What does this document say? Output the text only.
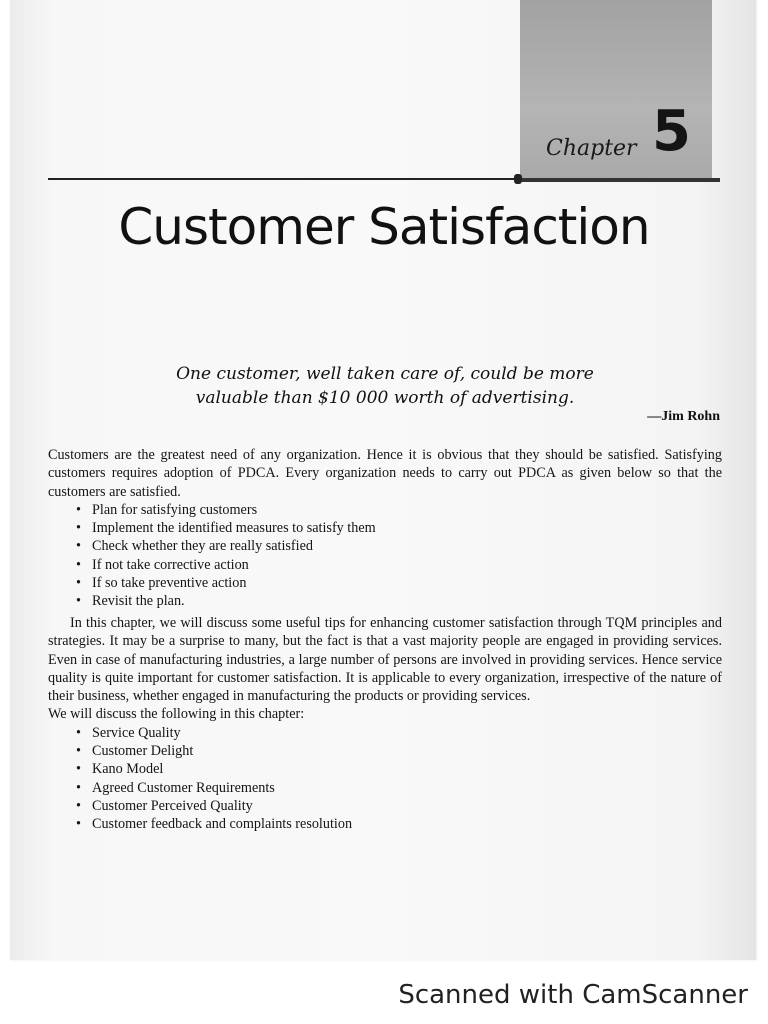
Chapter 5
Customer Satisfaction
One customer, well taken care of, could be more valuable than $10 000 worth of advertising.
—Jim Rohn

Customers are the greatest need of any organization. Hence it is obvious that they should be satisfied. Satisfying customers requires adoption of PDCA. Every organization needs to carry out PDCA as given below so that the customers are satisfied.

• Plan for satisfying customers
• Implement the identified measures to satisfy them
• Check whether they are really satisfied
• If not take corrective action
• If so take preventive action
• Revisit the plan.

In this chapter, we will discuss some useful tips for enhancing customer satisfaction through TQM principles and strategies. It may be a surprise to many, but the fact is that a vast majority people are engaged in providing services. Even in case of manufacturing industries, a large number of persons are involved in providing services. Hence service quality is quite important for customer satisfaction. It is applicable to every organization, irrespective of the nature of their business, whether engaged in manufacturing the products or providing services.

We will discuss the following in this chapter:

• Service Quality
• Customer Delight
• Kano Model
• Agreed Customer Requirements
• Customer Perceived Quality
• Customer feedback and complaints resolution
Scanned with CamScanner
